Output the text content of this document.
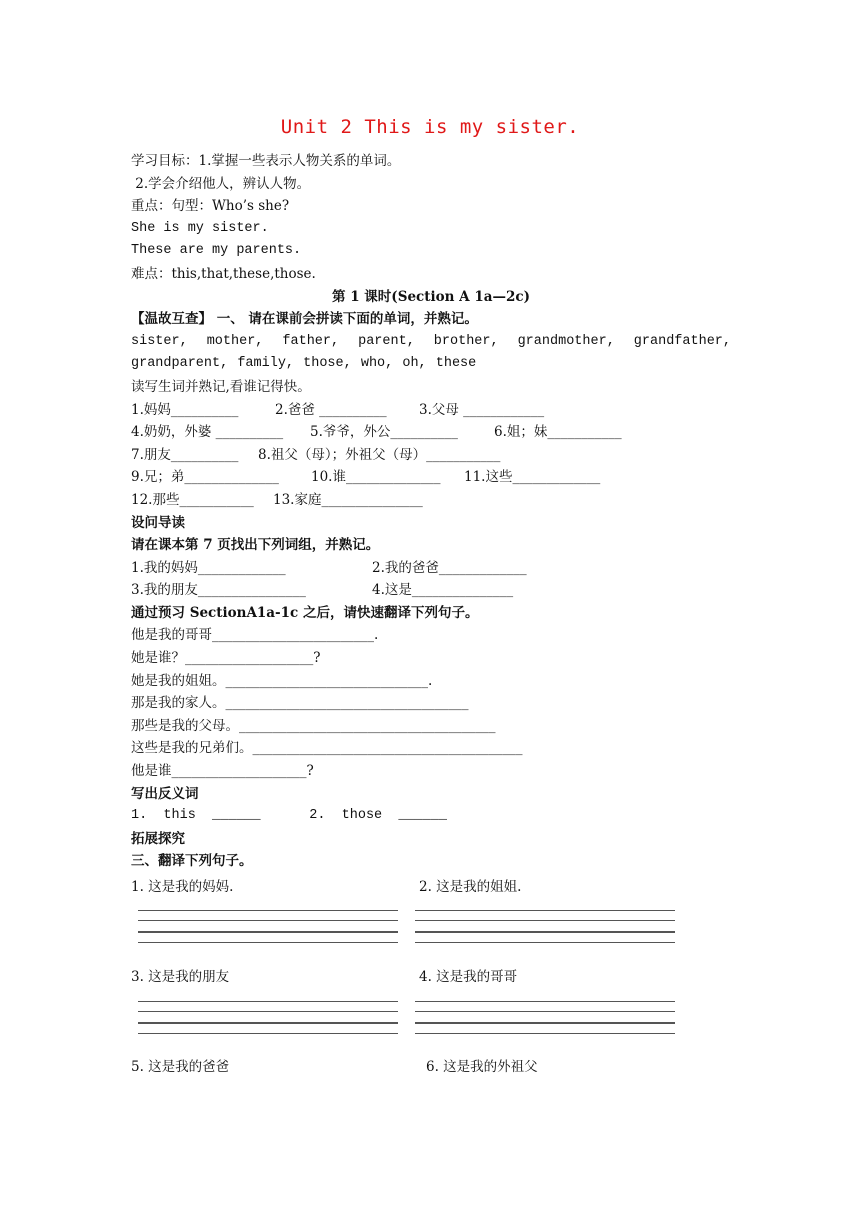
Unit 2 This is my sister.
学习目标：1.掌握一些表示人物关系的单词。
2.学会介绍他人，辨认人物。
重点：句型：Who’s she?
She is my sister.
These are my parents.
难点：this,that,these,those.
第 1 课时(Section A 1a—2c)
【温故互查】 一、 请在课前会拼读下面的单词，并熟记。
sister, mother, father, parent, brother, grandmother, grandfather, grandparent, family, those, who, oh, these
读写生词并熟记,看谁记得快。
1.妈妈__________	2.爸爸 __________	3.父母 ____________
4.奶奶，外婆 __________	5.爷爷，外公__________	6.姐；妹___________
7.朋友__________	8.祖父（母）；外祖父（母）___________
9.兄；弟______________	10.谁______________	11.这些_____________
12.那些___________	13.家庭_______________
设问导读
请在课本第 7 页找出下列词组，并熟记。
1.我的妈妈_____________	2.我的爸爸_____________
3.我的朋友________________	4.这是_______________
通过预习 SectionA1a-1c 之后，请快速翻译下列句子。
他是我的哥哥________________________.
她是谁？___________________?
她是我的姐姐。______________________________.
那是我的家人。____________________________________
那些是我的父母。______________________________________
这些是我的兄弟们。________________________________________
他是谁____________________?
写出反义词
1.  this  ______      2.  those  ______
拓展探究
三、翻译下列句子。
1. 这是我的妈妈.	2. 这是我的姐姐.
3. 这是我的朋友	4. 这是我的哥哥
5. 这是我的爸爸	6. 这是我的外祖父
